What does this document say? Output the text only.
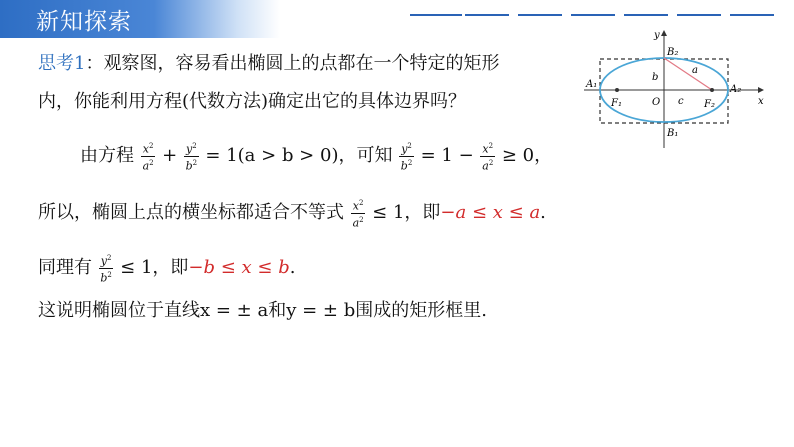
新知探索
思考1：观察图，容易看出椭圆上的点都在一个特定的矩形
内，你能利用方程(代数方法)确定出它的具体边界吗？
由方程 $\frac{x^2}{a^2} + \frac{y^2}{b^2} = 1(a > b > 0)$，可知 $\frac{y^2}{b^2} = 1 - \frac{x^2}{a^2} \ge 0$，
所以，椭圆上点的横坐标都适合不等式 $\frac{x^2}{a^2} \le 1$，即−a ≤ x ≤ a.
同理有 $\frac{y^2}{b^2} \le 1$，即−b ≤ x ≤ b.
这说明椭圆位于直线x = ± a和y = ± b围成的矩形框里.
y
x
O
A₁	A₂
B₂
B₁
F₁	F₂
a
b
c
